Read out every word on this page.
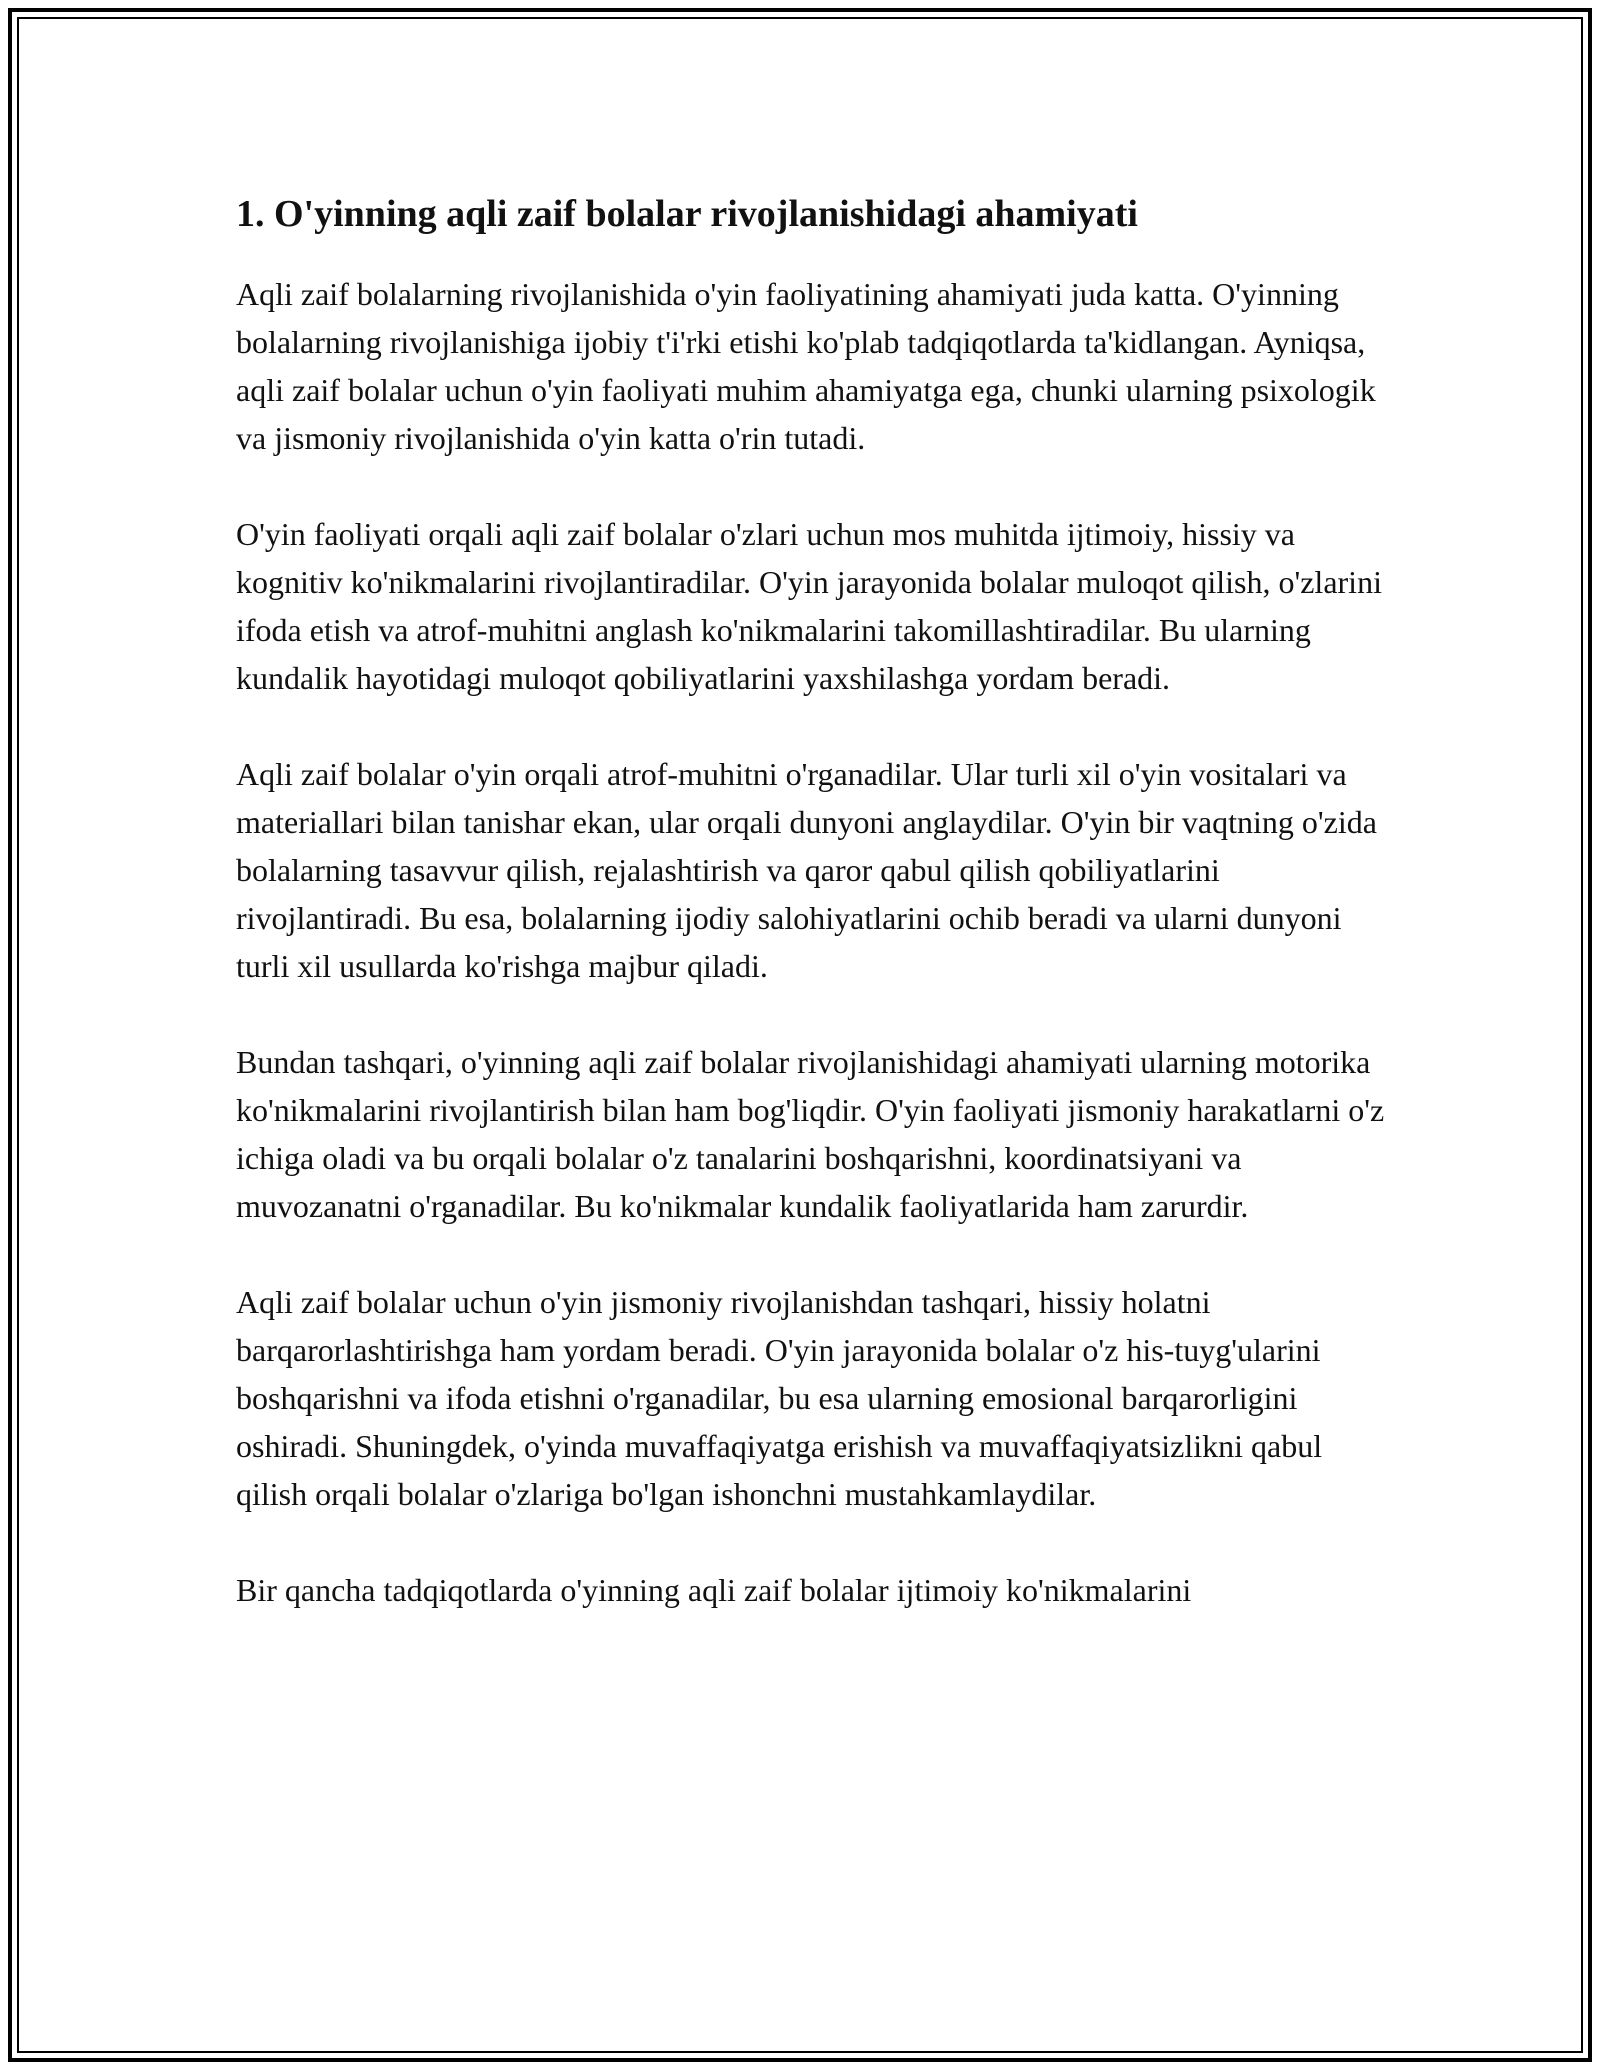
1. O'yinning aqli zaif bolalar rivojlanishidagi ahamiyati

Aqli zaif bolalarning rivojlanishida o'yin faoliyatining ahamiyati juda katta. O'yinning bolalarning rivojlanishiga ijobiy t'i'rki etishi ko'plab tadqiqotlarda ta'kidlangan. Ayniqsa, aqli zaif bolalar uchun o'yin faoliyati muhim ahamiyatga ega, chunki ularning psixologik va jismoniy rivojlanishida o'yin katta o'rin tutadi.

O'yin faoliyati orqali aqli zaif bolalar o'zlari uchun mos muhitda ijtimoiy, hissiy va kognitiv ko'nikmalarini rivojlantiradilar. O'yin jarayonida bolalar muloqot qilish, o'zlarini ifoda etish va atrof-muhitni anglash ko'nikmalarini takomillashtiradilar. Bu ularning kundalik hayotidagi muloqot qobiliyatlarini yaxshilashga yordam beradi.

Aqli zaif bolalar o'yin orqali atrof-muhitni o'rganadilar. Ular turli xil o'yin vositalari va materiallari bilan tanishar ekan, ular orqali dunyoni anglaydilar. O'yin bir vaqtning o'zida bolalarning tasavvur qilish, rejalashtirish va qaror qabul qilish qobiliyatlarini rivojlantiradi. Bu esa, bolalarning ijodiy salohiyatlarini ochib beradi va ularni dunyoni turli xil usullarda ko'rishga majbur qiladi.

Bundan tashqari, o'yinning aqli zaif bolalar rivojlanishidagi ahamiyati ularning motorika ko'nikmalarini rivojlantirish bilan ham bog'liqdir. O'yin faoliyati jismoniy harakatlarni o'z ichiga oladi va bu orqali bolalar o'z tanalarini boshqarishni, koordinatsiyani va muvozanatni o'rganadilar. Bu ko'nikmalar kundalik faoliyatlarida ham zarurdir.

Aqli zaif bolalar uchun o'yin jismoniy rivojlanishdan tashqari, hissiy holatni barqarorlashtirishga ham yordam beradi. O'yin jarayonida bolalar o'z his-tuyg'ularini boshqarishni va ifoda etishni o'rganadilar, bu esa ularning emosional barqarorligini oshiradi. Shuningdek, o'yinda muvaffaqiyatga erishish va muvaffaqiyatsizlikni qabul qilish orqali bolalar o'zlariga bo'lgan ishonchni mustahkamlaydilar.

Bir qancha tadqiqotlarda o'yinning aqli zaif bolalar ijtimoiy ko'nikmalarini
